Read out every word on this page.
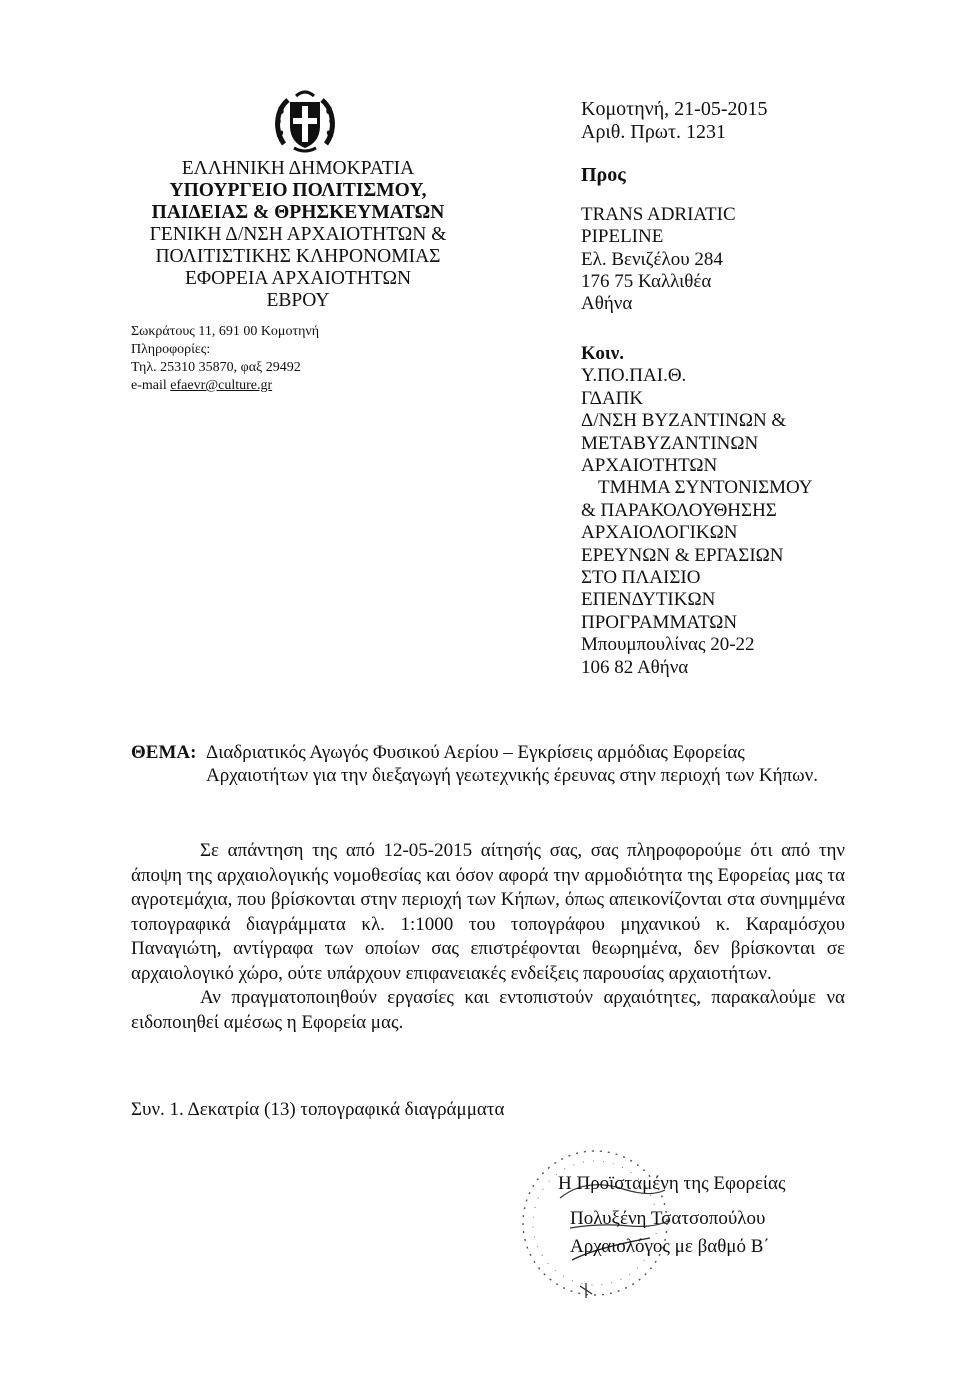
ΕΛΛΗΝΙΚΗ ΔΗΜΟΚΡΑΤΙΑ
ΥΠΟΥΡΓΕΙΟ ΠΟΛΙΤΙΣΜΟΥ,
ΠΑΙΔΕΙΑΣ & ΘΡΗΣΚΕΥΜΑΤΩΝ
ΓΕΝΙΚΗ Δ/ΝΣΗ ΑΡΧΑΙΟΤΗΤΩΝ &
ΠΟΛΙΤΙΣΤΙΚΗΣ ΚΛΗΡΟΝΟΜΙΑΣ
ΕΦΟΡΕΙΑ ΑΡΧΑΙΟΤΗΤΩΝ
ΕΒΡΟΥ
Σωκράτους 11, 691 00 Κομοτηνή
Πληροφορίες:
Τηλ. 25310 35870, φαξ 29492
e-mail efaevr@culture.gr
Κομοτηνή, 21-05-2015
Αριθ. Πρωτ. 1231
Προς
TRANS ADRIATIC
PIPELINE
Ελ. Βενιζέλου 284
176 75 Καλλιθέα
Αθήνα
Κοιν.
Υ.ΠΟ.ΠΑΙ.Θ.
ΓΔΑΠΚ
Δ/ΝΣΗ ΒΥΖΑΝΤΙΝΩΝ &
ΜΕΤΑΒΥΖΑΝΤΙΝΩΝ
ΑΡΧΑΙΟΤΗΤΩΝ
ΤΜΗΜΑ ΣΥΝΤΟΝΙΣΜΟΥ
& ΠΑΡΑΚΟΛΟΥΘΗΣΗΣ
ΑΡΧΑΙΟΛΟΓΙΚΩΝ
ΕΡΕΥΝΩΝ & ΕΡΓΑΣΙΩΝ
ΣΤΟ ΠΛΑΙΣΙΟ
ΕΠΕΝΔΥΤΙΚΩΝ
ΠΡΟΓΡΑΜΜΑΤΩΝ
Μπουμπουλίνας 20-22
106 82 Αθήνα
ΘΕΜΑ: Διαδριατικός Αγωγός Φυσικού Αερίου – Εγκρίσεις αρμόδιας Εφορείας Αρχαιοτήτων για την διεξαγωγή γεωτεχνικής έρευνας στην περιοχή των Κήπων.

Σε απάντηση της από 12-05-2015 αίτησής σας, σας πληροφορούμε ότι από την άποψη της αρχαιολογικής νομοθεσίας και όσον αφορά την αρμοδιότητα της Εφορείας μας τα αγροτεμάχια, που βρίσκονται στην περιοχή των Κήπων, όπως απεικονίζονται στα συνημμένα τοπογραφικά διαγράμματα κλ. 1:1000 του τοπογράφου μηχανικού κ. Καραμόσχου Παναγιώτη, αντίγραφα των οποίων σας επιστρέφονται θεωρημένα, δεν βρίσκονται σε αρχαιολογικό χώρο, ούτε υπάρχουν επιφανειακές ενδείξεις παρουσίας αρχαιοτήτων.

Αν πραγματοποιηθούν εργασίες και εντοπιστούν αρχαιότητες, παρακαλούμε να ειδοποιηθεί αμέσως η Εφορεία μας.

Συν. 1. Δεκατρία (13) τοπογραφικά διαγράμματα
Η Προϊσταμένη της Εφορείας
Πολυξένη Τσατσοπούλου
Αρχαιολόγος με βαθμό Β΄
